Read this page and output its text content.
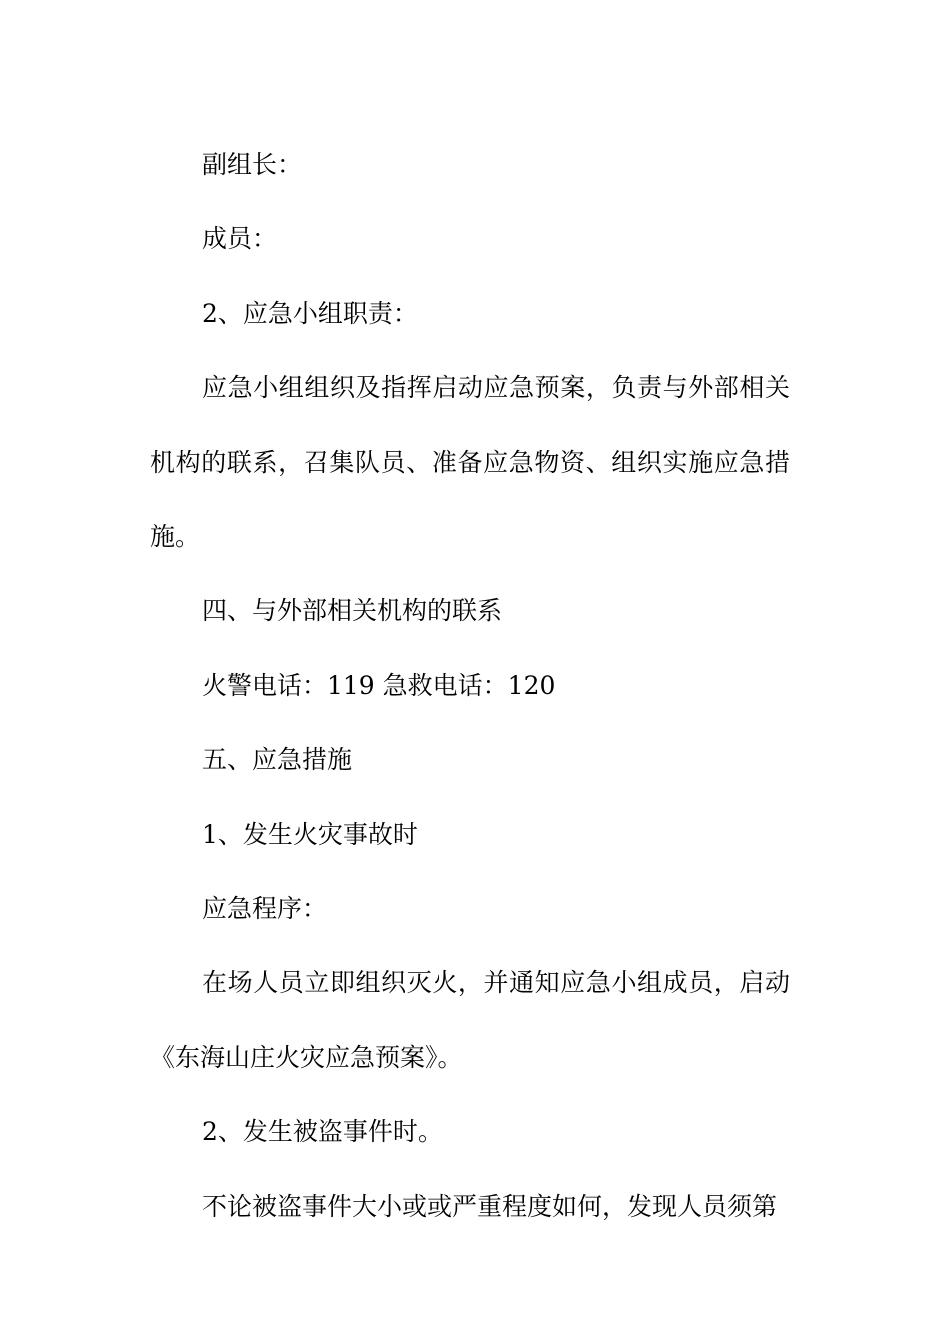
副组长：

成员：

2、应急小组职责：

应急小组组织及指挥启动应急预案，负责与外部相关机构的联系，召集队员、准备应急物资、组织实施应急措施。

四、与外部相关机构的联系

火警电话：119 急救电话：120

五、应急措施

1、发生火灾事故时

应急程序：

在场人员立即组织灭火，并通知应急小组成员，启动《东海山庄火灾应急预案》。

2、发生被盗事件时。

不论被盗事件大小或或严重程度如何，发现人员须第
